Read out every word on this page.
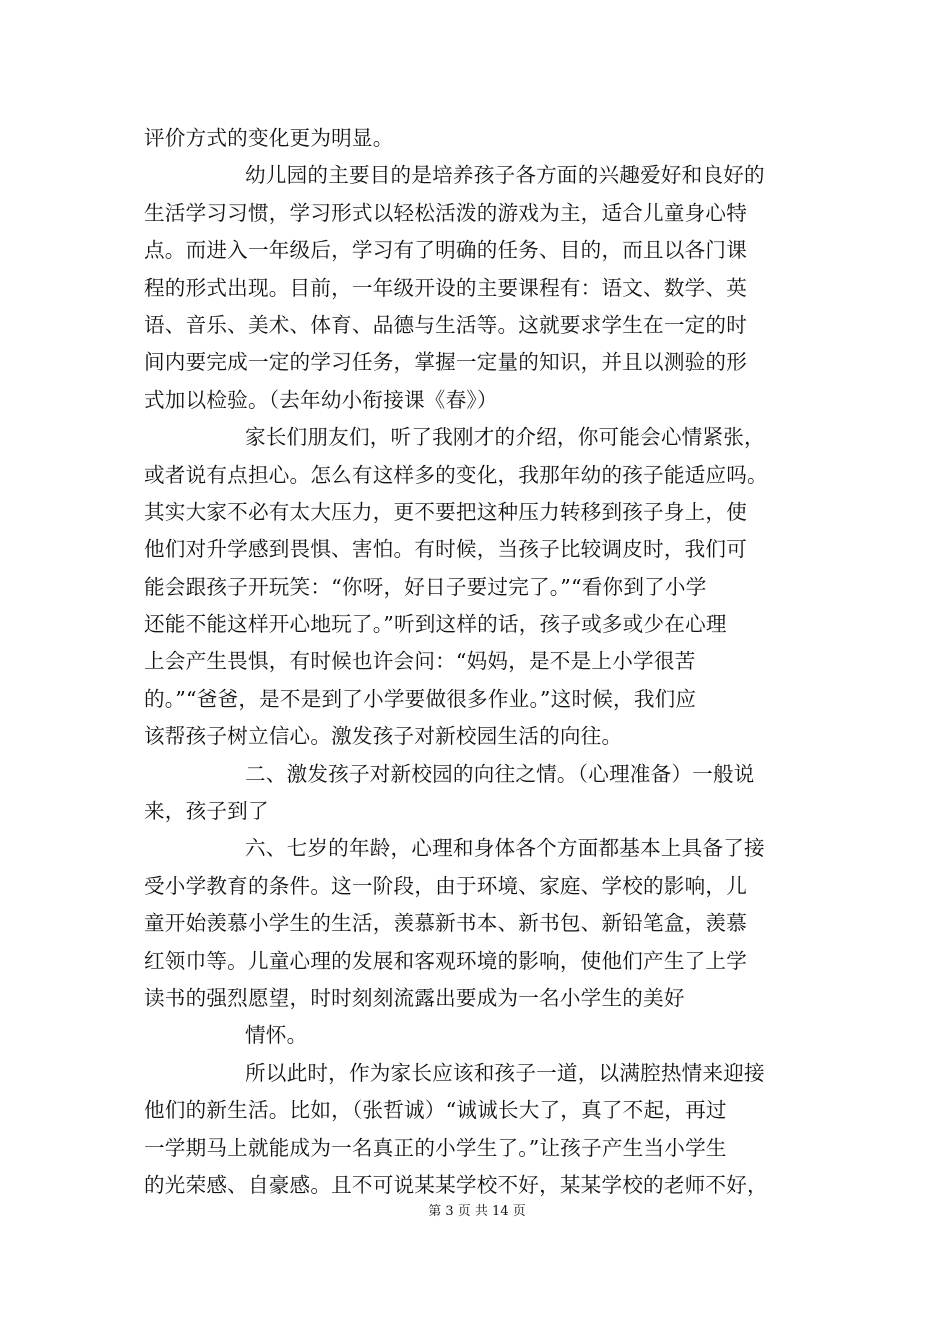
评价方式的变化更为明显。
幼儿园的主要目的是培养孩子各方面的兴趣爱好和良好的
生活学习习惯，学习形式以轻松活泼的游戏为主，适合儿童身心特
点。而进入一年级后，学习有了明确的任务、目的，而且以各门课
程的形式出现。目前，一年级开设的主要课程有：语文、数学、英
语、音乐、美术、体育、品德与生活等。这就要求学生在一定的时
间内要完成一定的学习任务，掌握一定量的知识，并且以测验的形
式加以检验。（去年幼小衔接课《春》）
家长们朋友们，听了我刚才的介绍，你可能会心情紧张，
或者说有点担心。怎么有这样多的变化，我那年幼的孩子能适应吗。
其实大家不必有太大压力，更不要把这种压力转移到孩子身上，使
他们对升学感到畏惧、害怕。有时候，当孩子比较调皮时，我们可
能会跟孩子开玩笑：“你呀，好日子要过完了。”“看你到了小学
还能不能这样开心地玩了。”听到这样的话，孩子或多或少在心理
上会产生畏惧，有时候也许会问：“妈妈，是不是上小学很苦
的。”“爸爸，是不是到了小学要做很多作业。”这时候，我们应
该帮孩子树立信心。激发孩子对新校园生活的向往。
二、激发孩子对新校园的向往之情。（心理准备）一般说
来，孩子到了
六、七岁的年龄，心理和身体各个方面都基本上具备了接
受小学教育的条件。这一阶段，由于环境、家庭、学校的影响，儿
童开始羡慕小学生的生活，羡慕新书本、新书包、新铅笔盒，羡慕
红领巾等。儿童心理的发展和客观环境的影响，使他们产生了上学
读书的强烈愿望，时时刻刻流露出要成为一名小学生的美好
情怀。
所以此时，作为家长应该和孩子一道，以满腔热情来迎接
他们的新生活。比如，（张哲诚）“诚诚长大了，真了不起，再过
一学期马上就能成为一名真正的小学生了。”让孩子产生当小学生
的光荣感、自豪感。且不可说某某学校不好，某某学校的老师不好，
第 3 页 共 14 页
